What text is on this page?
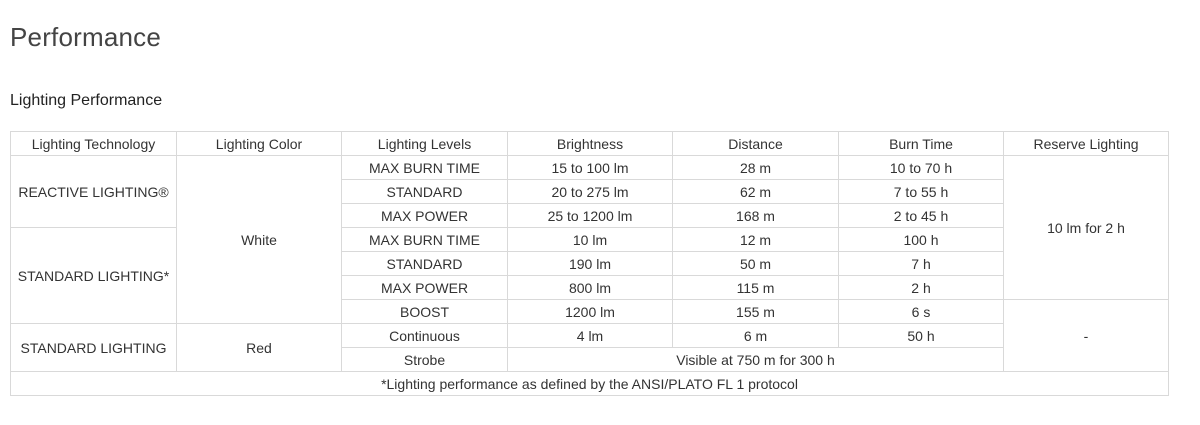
Performance
Lighting Performance
Lighting Technology	Lighting Color	Lighting Levels	Brightness	Distance	Burn Time	Reserve Lighting
REACTIVE LIGHTING®	White	MAX BURN TIME	15 to 100 lm	28 m	10 to 70 h	10 lm for 2 h
		STANDARD	20 to 275 lm	62 m	7 to 55 h	
		MAX POWER	25 to 1200 lm	168 m	2 to 45 h	
STANDARD LIGHTING*		MAX BURN TIME	10 lm	12 m	100 h	
		STANDARD	190 lm	50 m	7 h	
		MAX POWER	800 lm	115 m	2 h	
		BOOST	1200 lm	155 m	6 s	-
STANDARD LIGHTING	Red	Continuous	4 lm	6 m	50 h	
		Strobe	Visible at 750 m for 300 h			
*Lighting performance as defined by the ANSI/PLATO FL 1 protocol						
